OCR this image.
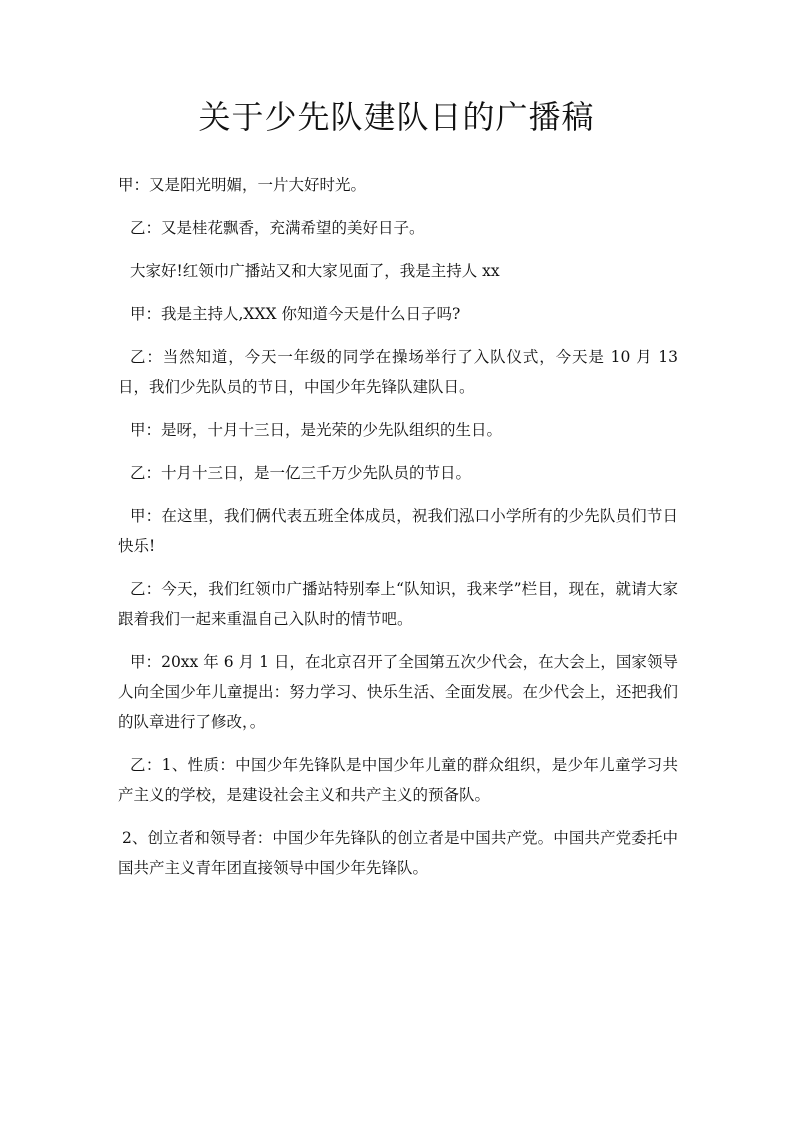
关于少先队建队日的广播稿

甲：又是阳光明媚，一片大好时光。

乙：又是桂花飘香，充满希望的美好日子。

大家好!红领巾广播站又和大家见面了，我是主持人 xx

甲：我是主持人,XXX 你知道今天是什么日子吗?

乙：当然知道，今天一年级的同学在操场举行了入队仪式，今天是 10 月 13 日，我们少先队员的节日，中国少年先锋队建队日。

甲：是呀，十月十三日，是光荣的少先队组织的生日。

乙：十月十三日，是一亿三千万少先队员的节日。

甲：在这里，我们俩代表五班全体成员，祝我们泓口小学所有的少先队员们节日快乐!

乙：今天，我们红领巾广播站特别奉上“队知识，我来学”栏目，现在，就请大家跟着我们一起来重温自己入队时的情节吧。

甲：20xx 年 6 月 1 日，在北京召开了全国第五次少代会，在大会上，国家领导人向全国少年儿童提出：努力学习、快乐生活、全面发展。在少代会上，还把我们的队章进行了修改，。

乙：1、性质：中国少年先锋队是中国少年儿童的群众组织，是少年儿童学习共产主义的学校，是建设社会主义和共产主义的预备队。

2、创立者和领导者：中国少年先锋队的创立者是中国共产党。中国共产党委托中国共产主义青年团直接领导中国少年先锋队。
